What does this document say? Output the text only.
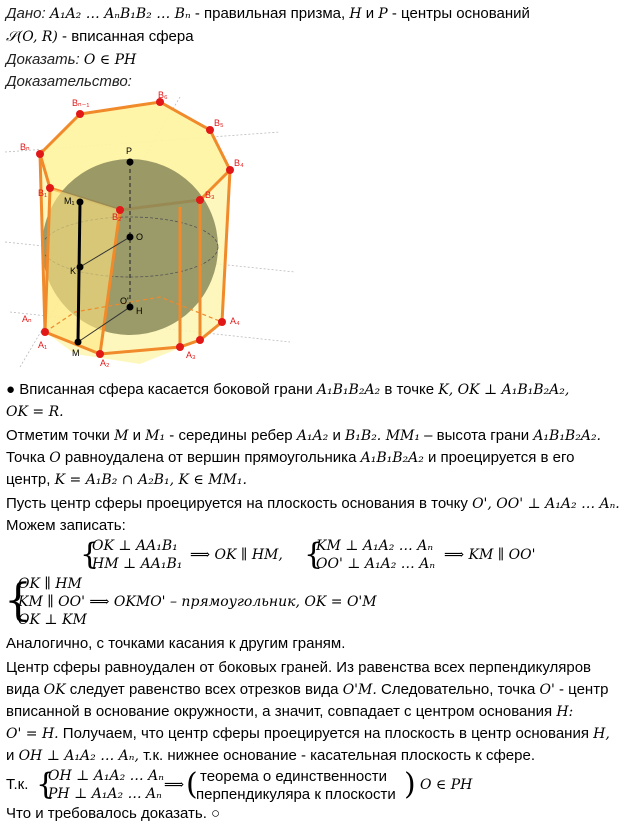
Дано: A₁A₂ … AₙB₁B₂ … Bₙ - правильная призма, H и P - центры оснований
𝒮(O, R) - вписанная сфера
Доказать: O ∈ PH
Доказательство:
Bₙ₋₁
B₆
B₅
Bₙ
B₄
B₁
B₂
B₃
Aₙ	A₄
A₁
A₂
A₃
P
K
O
M₁
O'
H
M
● Вписанная сфера касается боковой грани A₁B₁B₂A₂ в точке K, OK ⊥ A₁B₁B₂A₂,
OK = R.
Отметим точки M и M₁ - середины ребер A₁A₂ и B₁B₂. MM₁ – высота грани A₁B₁B₂A₂.
Точка O равноудалена от вершин прямоугольника A₁B₁B₂A₂ и проецируется в его
центр, K = A₁B₂ ∩ A₂B₁, K ∈ MM₁.
Пусть центр сферы проецируется на плоскость основания в точку O', OO' ⊥ A₁A₂ … Aₙ.
Можем записать:
{
OK ⊥ AA₁B₁
HM ⊥ AA₁B₁
⟹ OK ∥ HM, {
KM ⊥ A₁A₂ … Aₙ
OO' ⊥ A₁A₂ … Aₙ
⟹ KM ∥ OO'
{
OK ∥ HM
KM ∥ OO' ⟹ OKMO' – прямоугольник, OK = O'M
OK ⊥ KM
Аналогично, с точками касания к другим граням.
Центр сферы равноудален от боковых граней. Из равенства всех перпендикуляров
вида OK следует равенство всех отрезков вида O'M. Следовательно, точка O' - центр
вписанной в основание окружности, а значит, совпадает с центром основания H:
O' = H. Получаем, что центр сферы проецируется на плоскость в центр основания H,
и OH ⊥ A₁A₂ … Aₙ, т.к. нижнее основание - касательная плоскость к сфере.
Т.к. {
OH ⊥ A₁A₂ … Aₙ
PH ⊥ A₁A₂ … Aₙ
⟹ ( теорема о единственности
перпендикуляра к плоскости ) O ∈ PH
Что и требовалось доказать. ○
